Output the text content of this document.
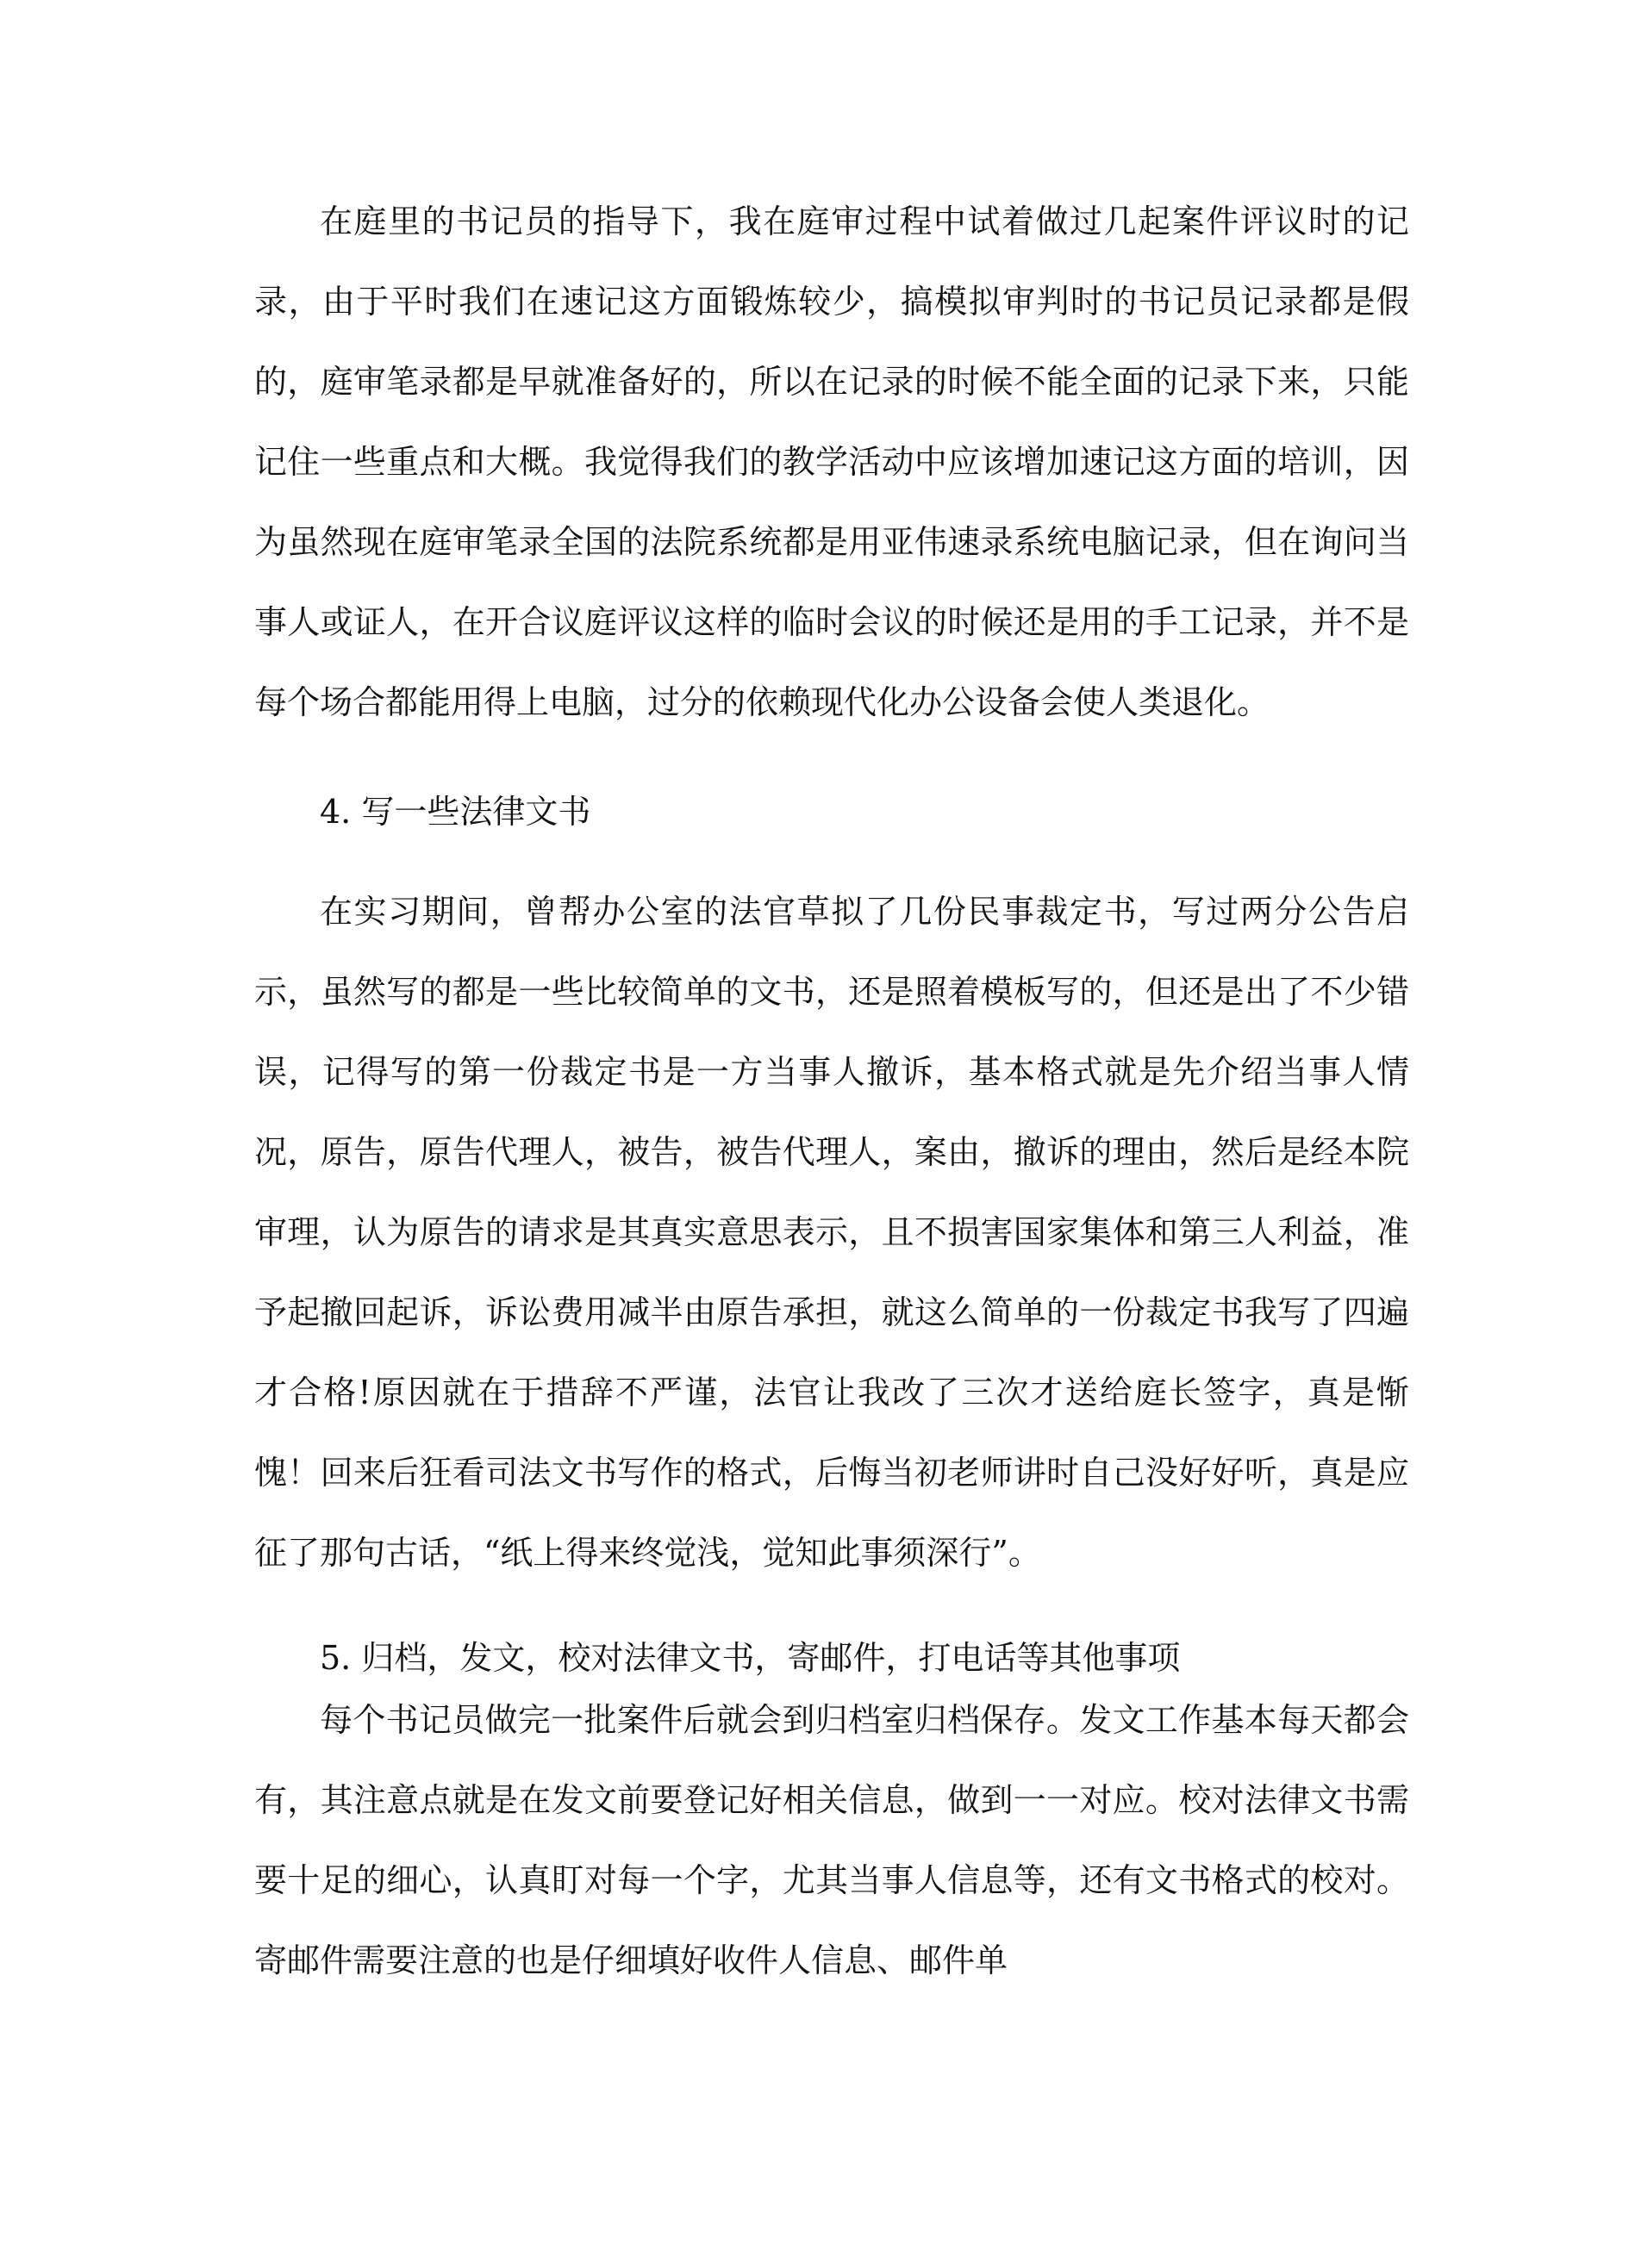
在庭里的书记员的指导下，我在庭审过程中试着做过几起案件评议时的记录，由于平时我们在速记这方面锻炼较少，搞模拟审判时的书记员记录都是假的，庭审笔录都是早就准备好的，所以在记录的时候不能全面的记录下来，只能记住一些重点和大概。我觉得我们的教学活动中应该增加速记这方面的培训，因为虽然现在庭审笔录全国的法院系统都是用亚伟速录系统电脑记录，但在询问当事人或证人，在开合议庭评议这样的临时会议的时候还是用的手工记录，并不是每个场合都能用得上电脑，过分的依赖现代化办公设备会使人类退化。

4. 写一些法律文书

在实习期间，曾帮办公室的法官草拟了几份民事裁定书，写过两分公告启示，虽然写的都是一些比较简单的文书，还是照着模板写的，但还是出了不少错误，记得写的第一份裁定书是一方当事人撤诉，基本格式就是先介绍当事人情况，原告，原告代理人，被告，被告代理人，案由，撤诉的理由，然后是经本院审理，认为原告的请求是其真实意思表示，且不损害国家集体和第三人利益，准予起撤回起诉，诉讼费用减半由原告承担，就这么简单的一份裁定书我写了四遍才合格!原因就在于措辞不严谨，法官让我改了三次才送给庭长签字，真是惭愧！回来后狂看司法文书写作的格式，后悔当初老师讲时自己没好好听，真是应征了那句古话，“纸上得来终觉浅，觉知此事须深行”。

5. 归档，发文，校对法律文书，寄邮件，打电话等其他事项

每个书记员做完一批案件后就会到归档室归档保存。发文工作基本每天都会有，其注意点就是在发文前要登记好相关信息，做到一一对应。校对法律文书需要十足的细心，认真盯对每一个字，尤其当事人信息等，还有文书格式的校对。寄邮件需要注意的也是仔细填好收件人信息、邮件单
